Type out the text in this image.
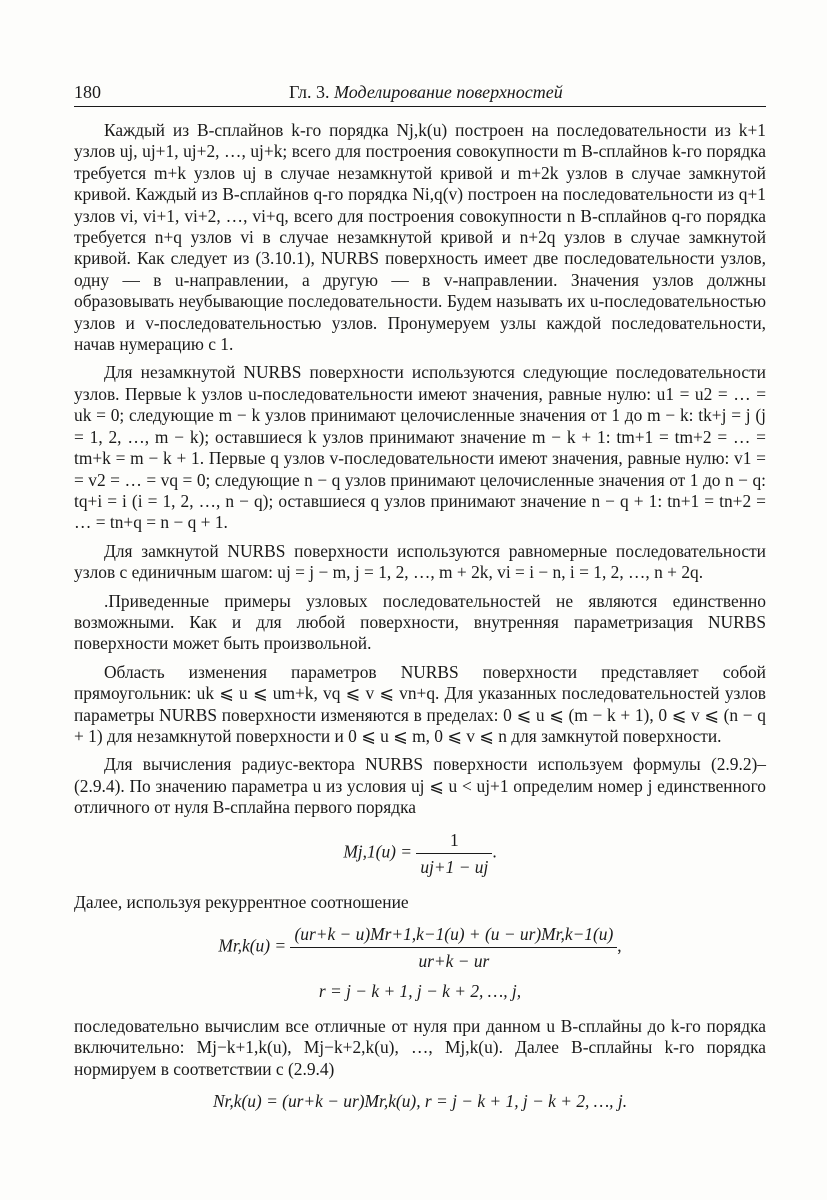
180	Гл. 3. Моделирование поверхностей

Каждый из B-сплайнов k-го порядка Nj,k(u) построен на последовательности из k+1 узлов uj, uj+1, uj+2, …, uj+k; всего для построения совокупности m B-сплайнов k-го порядка требуется m+k узлов uj в случае незамкнутой кривой и m+2k узлов в случае замкнутой кривой. Каждый из B-сплайнов q-го порядка Ni,q(v) построен на последовательности из q+1 узлов vi, vi+1, vi+2, …, vi+q, всего для построения совокупности n B-сплайнов q-го порядка требуется n+q узлов vi в случае незамкнутой кривой и n+2q узлов в случае замкнутой кривой. Как следует из (3.10.1), NURBS поверхность имеет две последовательности узлов, одну — в u-направлении, а другую — в v-направлении. Значения узлов должны образовывать неубывающие последовательности. Будем называть их u-последовательностью узлов и v-последовательностью узлов. Пронумеруем узлы каждой последовательности, начав нумерацию с 1.

Для незамкнутой NURBS поверхности используются следующие последовательности узлов. Первые k узлов u-последовательности имеют значения, равные нулю: u1 = u2 = … = uk = 0; следующие m − k узлов принимают целочисленные значения от 1 до m − k: tk+j = j (j = 1, 2, …, m − k); оставшиеся k узлов принимают значение m − k + 1: tm+1 = tm+2 = … = tm+k = m − k + 1. Первые q узлов v-последовательности имеют значения, равные нулю: v1 = = v2 = … = vq = 0; следующие n − q узлов принимают целочисленные значения от 1 до n − q: tq+i = i (i = 1, 2, …, n − q); оставшиеся q узлов принимают значение n − q + 1: tn+1 = tn+2 = … = tn+q = n − q + 1.

Для замкнутой NURBS поверхности используются равномерные последовательности узлов с единичным шагом: uj = j − m, j = 1, 2, …, m + 2k, vi = i − n, i = 1, 2, …, n + 2q.

.Приведенные примеры узловых последовательностей не являются единственно возможными. Как и для любой поверхности, внутренняя параметризация NURBS поверхности может быть произвольной.

Область изменения параметров NURBS поверхности представляет собой прямоугольник: uk ⩽ u ⩽ um+k, vq ⩽ v ⩽ vn+q. Для указанных последовательностей узлов параметры NURBS поверхности изменяются в пределах: 0 ⩽ u ⩽ (m − k + 1), 0 ⩽ v ⩽ (n − q + 1) для незамкнутой поверхности и 0 ⩽ u ⩽ m, 0 ⩽ v ⩽ n для замкнутой поверхности.

Для вычисления радиус-вектора NURBS поверхности используем формулы (2.9.2)–(2.9.4). По значению параметра u из условия uj ⩽ u < uj+1 определим номер j единственного отличного от нуля B-сплайна первого порядка

$Mj,1(u) = \frac{1}{uj+1 - uj}$ .

Далее, используя рекуррентное соотношение

$Mr,k(u) = \frac{(ur+k - u)Mr+1,k-1(u) + (u - ur)Mr,k-1(u)}{ur+k - ur}$ ,
r = j − k + 1, j − k + 2, …, j,

последовательно вычислим все отличные от нуля при данном u B-сплайны до k-го порядка включительно: Mj−k+1,k(u), Mj−k+2,k(u), …, Mj,k(u). Далее B-сплайны k-го порядка нормируем в соответствии с (2.9.4)

Nr,k(u) = (ur+k − ur)Mr,k(u), r = j − k + 1, j − k + 2, …, j.
